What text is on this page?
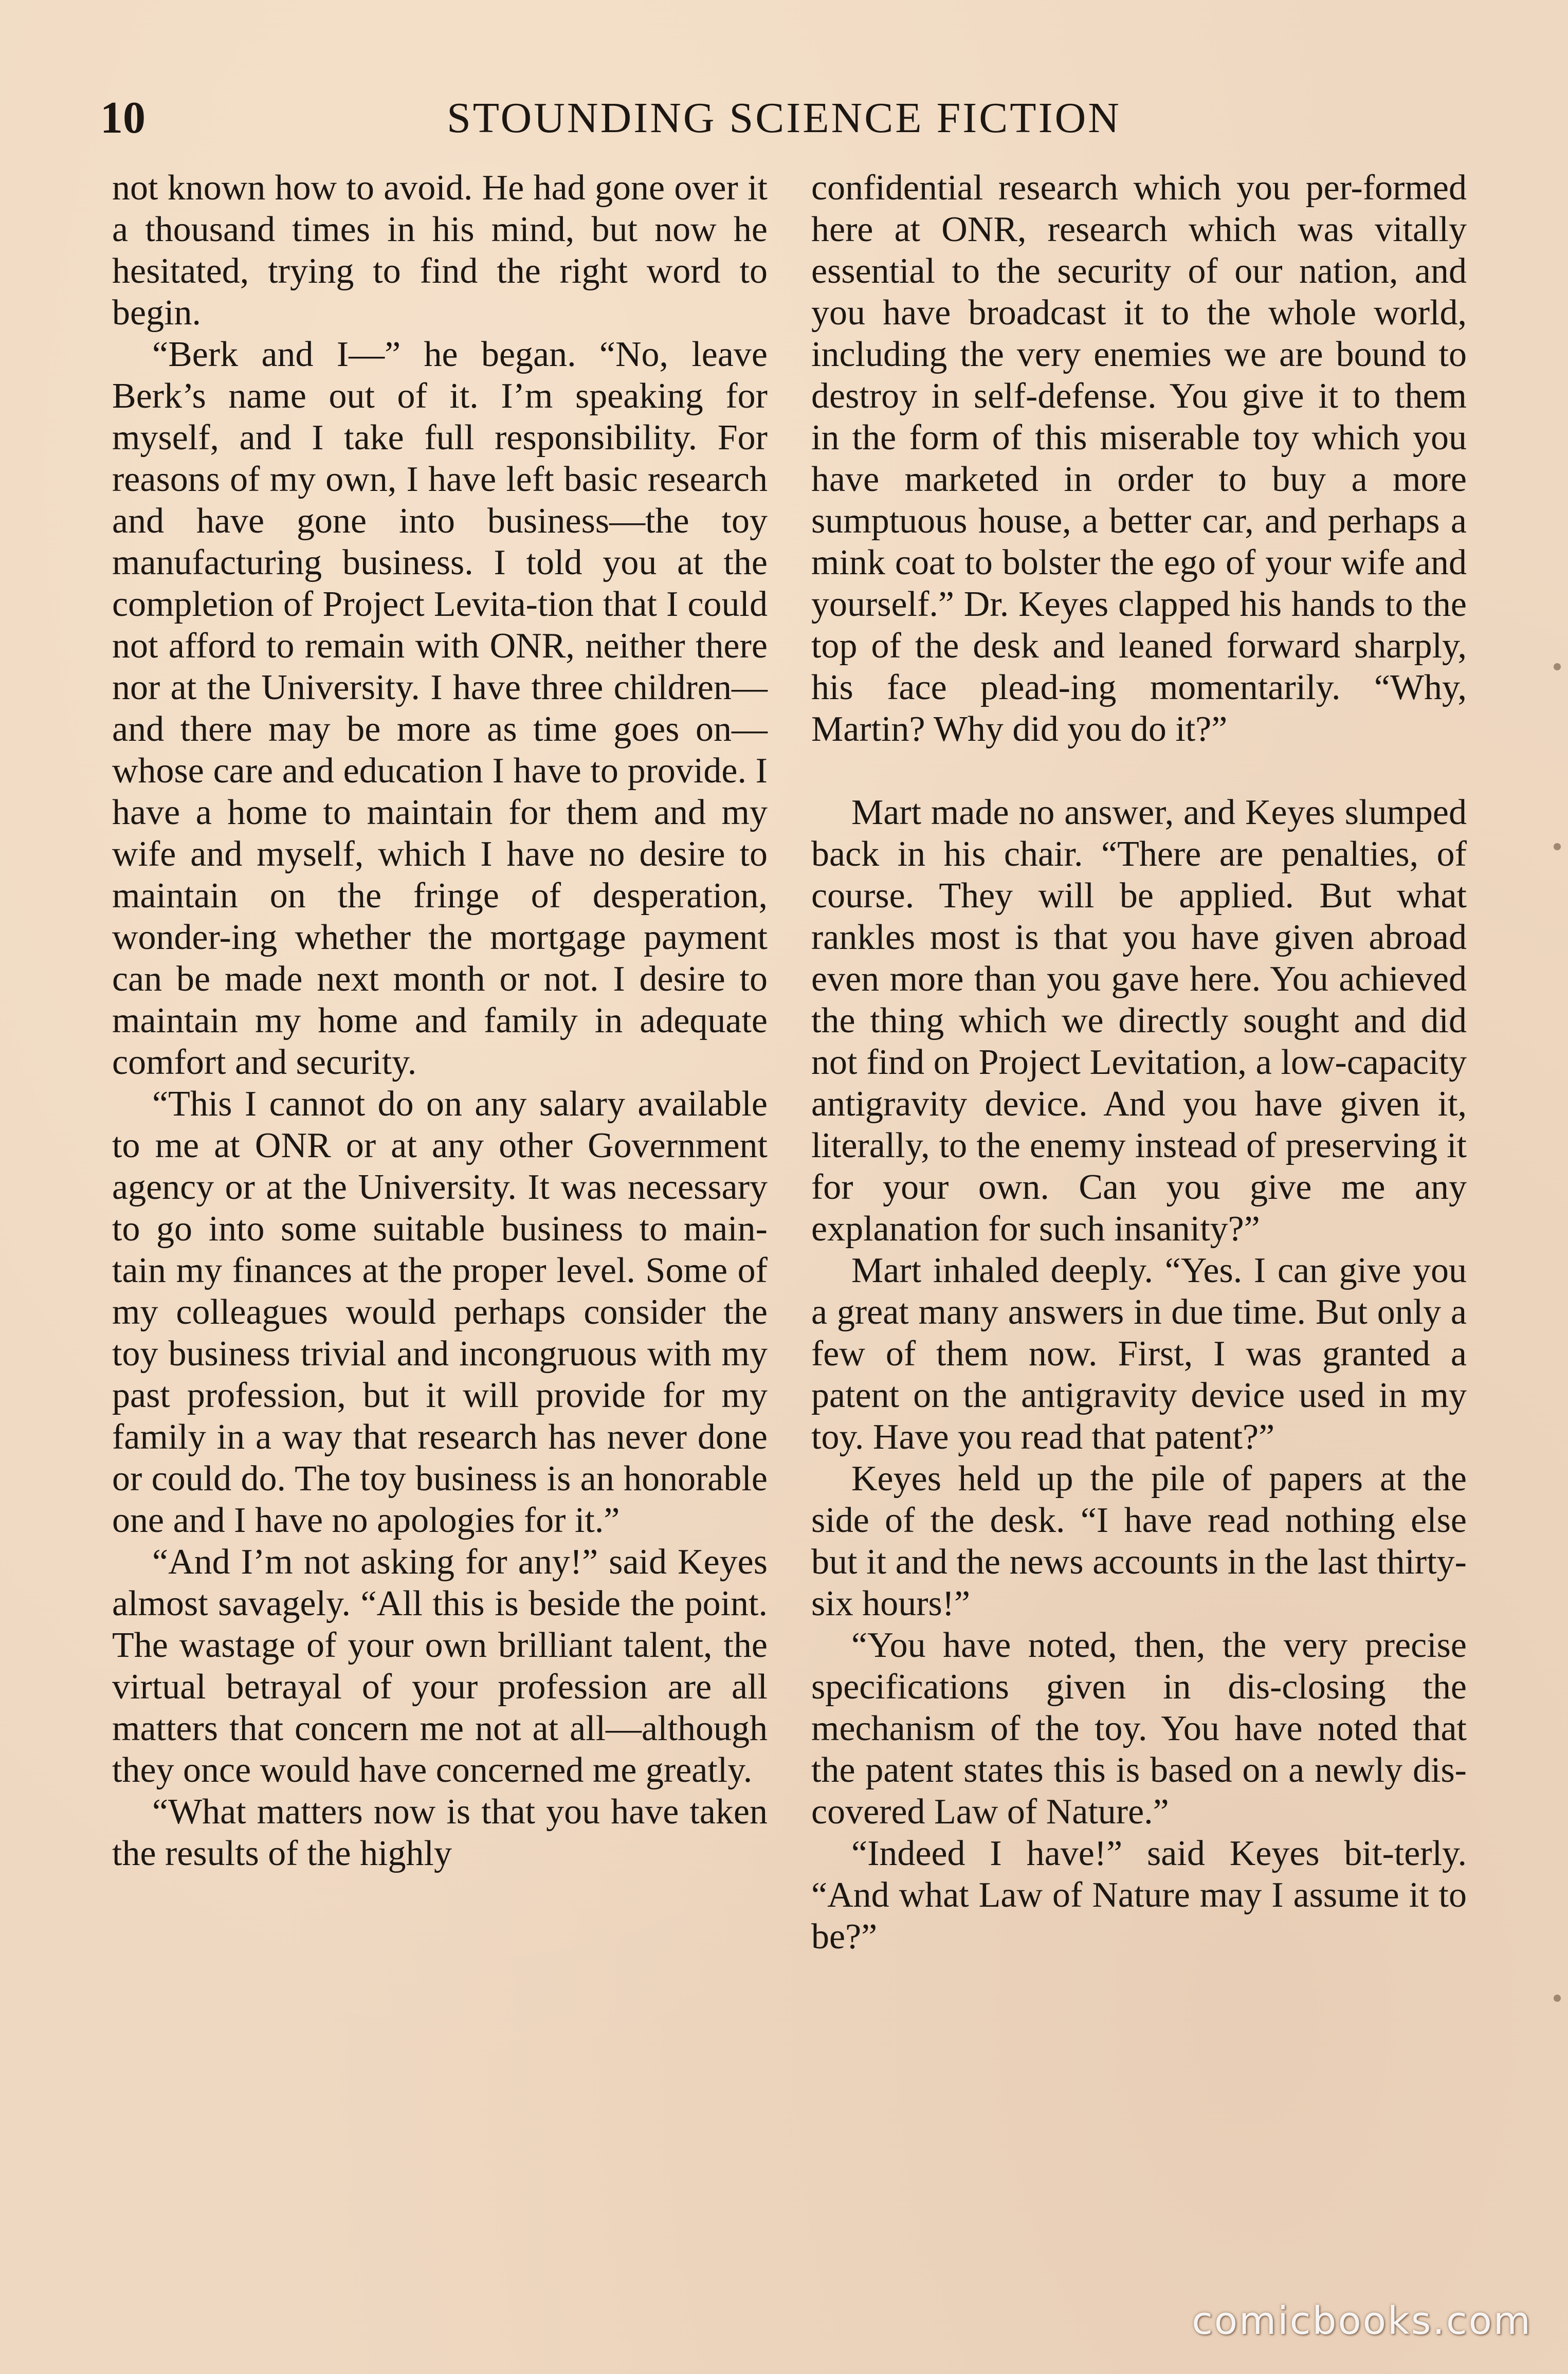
10	STOUNDING SCIENCE FICTION

not known how to avoid. He had gone over it a thousand times in his mind, but now he hesitated, trying to find the right word to begin.

“Berk and I—” he began. “No, leave Berk’s name out of it. I’m speaking for myself, and I take full responsibility. For reasons of my own, I have left basic research and have gone into business—the toy manufacturing business. I told you at the completion of Project Levita-tion that I could not afford to remain with ONR, neither there nor at the University. I have three children—and there may be more as time goes on—whose care and education I have to provide. I have a home to maintain for them and my wife and myself, which I have no desire to maintain on the fringe of desperation, wonder-ing whether the mortgage payment can be made next month or not. I desire to maintain my home and family in adequate comfort and security.

“This I cannot do on any salary available to me at ONR or at any other Government agency or at the University. It was necessary to go into some suitable business to main-tain my finances at the proper level. Some of my colleagues would perhaps consider the toy business trivial and incongruous with my past profession, but it will provide for my family in a way that research has never done or could do. The toy business is an honorable one and I have no apologies for it.”

“And I’m not asking for any!” said Keyes almost savagely. “All this is beside the point. The wastage of your own brilliant talent, the virtual betrayal of your profession are all matters that concern me not at all—although they once would have concerned me greatly.

“What matters now is that you have taken the results of the highly

confidential research which you per-formed here at ONR, research which was vitally essential to the security of our nation, and you have broadcast it to the whole world, including the very enemies we are bound to destroy in self-defense. You give it to them in the form of this miserable toy which you have marketed in order to buy a more sumptuous house, a better car, and perhaps a mink coat to bolster the ego of your wife and yourself.” Dr. Keyes clapped his hands to the top of the desk and leaned forward sharply, his face plead-ing momentarily. “Why, Martin? Why did you do it?”

Mart made no answer, and Keyes slumped back in his chair. “There are penalties, of course. They will be applied. But what rankles most is that you have given abroad even more than you gave here. You achieved the thing which we directly sought and did not find on Project Levitation, a low-capacity antigravity device. And you have given it, literally, to the enemy instead of preserving it for your own. Can you give me any explanation for such insanity?”

Mart inhaled deeply. “Yes. I can give you a great many answers in due time. But only a few of them now. First, I was granted a patent on the antigravity device used in my toy. Have you read that patent?”

Keyes held up the pile of papers at the side of the desk. “I have read nothing else but it and the news accounts in the last thirty-six hours!”

“You have noted, then, the very precise specifications given in dis-closing the mechanism of the toy. You have noted that the patent states this is based on a newly dis-covered Law of Nature.”

“Indeed I have!” said Keyes bit-terly. “And what Law of Nature may I assume it to be?”

comicbooks.com
